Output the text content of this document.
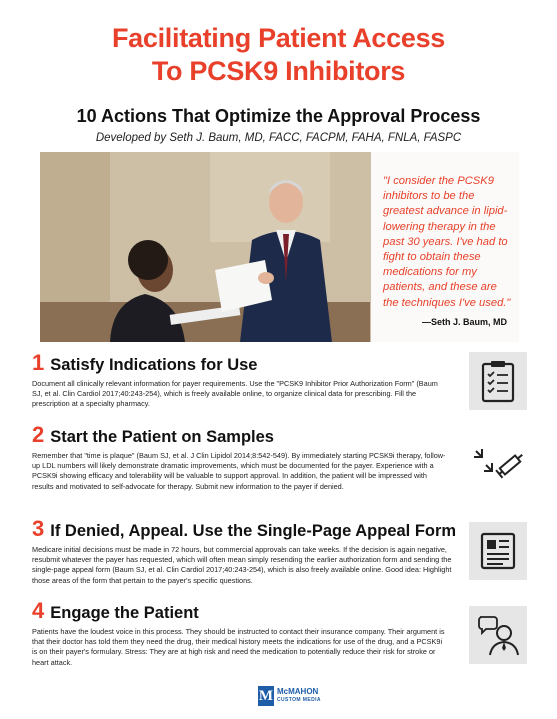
Facilitating Patient Access
To PCSK9 Inhibitors
10 Actions That Optimize the Approval Process
Developed by Seth J. Baum, MD, FACC, FACPM, FAHA, FNLA, FASPC
"I consider the PCSK9 inhibitors to be the greatest advance in lipid-lowering therapy in the past 30 years. I've had to fight to obtain these medications for my patients, and these are the techniques I've used."
—Seth J. Baum, MD
1 Satisfy Indications for Use
Document all clinically relevant information for payer requirements. Use the "PCSK9 Inhibitor Prior Authorization Form" (Baum SJ, et al. Clin Cardiol 2017;40:243-254), which is freely available online, to organize clinical data for prescribing. Fill the prescription at a specialty pharmacy.
2 Start the Patient on Samples
Remember that "time is plaque" (Baum SJ, et al. J Clin Lipidol 2014;8:542-549). By immediately starting PCSK9i therapy, follow-up LDL numbers will likely demonstrate dramatic improvements, which must be documented for the payer. Experience with a PCSK9i showing efficacy and tolerability will be valuable to support approval. In addition, the patient will be impressed with results and motivated to self-advocate for therapy. Submit new information to the payer if denied.
3 If Denied, Appeal. Use the Single-Page Appeal Form
Medicare initial decisions must be made in 72 hours, but commercial approvals can take weeks. If the decision is again negative, resubmit whatever the payer has requested, which will often mean simply resending the earlier authorization form and sending the single-page appeal form (Baum SJ, et al. Clin Cardiol 2017;40:243-254), which is also freely available online. Good idea: Highlight those areas of the form that pertain to the payer's specific questions.
4 Engage the Patient
Patients have the loudest voice in this process. They should be instructed to contact their insurance company. Their argument is that their doctor has told them they need the drug, their medical history meets the indications for use of the drug, and a PCSK9i is on their payer's formulary. Stress: They are at high risk and need the medication to potentially reduce their risk for stroke or heart attack.
M McMAHON
CUSTOM MEDIA
